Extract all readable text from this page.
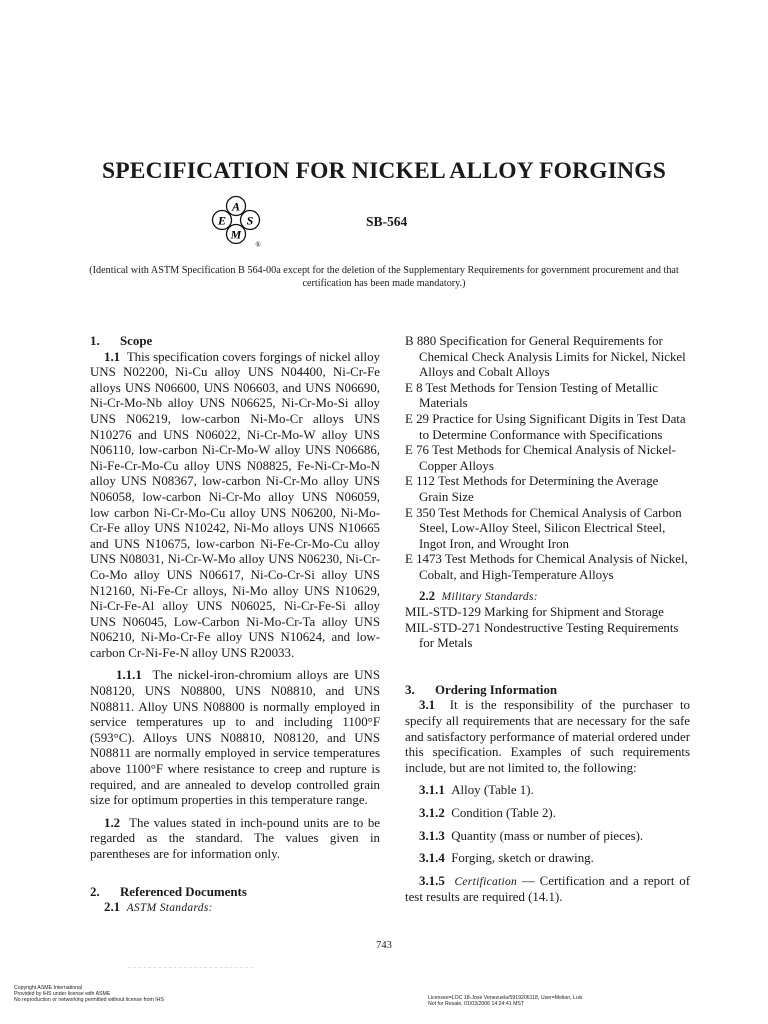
SPECIFICATION FOR NICKEL ALLOY FORGINGS
A
S
M
E
®
SB-564
(Identical with ASTM Specification B 564-00a except for the deletion of the Supplementary Requirements for government procurement and that certification has been made mandatory.)

1. Scope

1.1 This specification covers forgings of nickel alloy UNS N02200, Ni-Cu alloy UNS N04400, Ni-Cr-Fe alloys UNS N06600, UNS N06603, and UNS N06690, Ni-Cr-Mo-Nb alloy UNS N06625, Ni-Cr-Mo-Si alloy UNS N06219, low-carbon Ni-Mo-Cr alloys UNS N10276 and UNS N06022, Ni-Cr-Mo-W alloy UNS N06110, low-carbon Ni-Cr-Mo-W alloy UNS N06686, Ni-Fe-Cr-Mo-Cu alloy UNS N08825, Fe-Ni-Cr-Mo-N alloy UNS N08367, low-carbon Ni-Cr-Mo alloy UNS N06058, low-carbon Ni-Cr-Mo alloy UNS N06059, low carbon Ni-Cr-Mo-Cu alloy UNS N06200, Ni-Mo-Cr-Fe alloy UNS N10242, Ni-Mo alloys UNS N10665 and UNS N10675, low-carbon Ni-Fe-Cr-Mo-Cu alloy UNS N08031, Ni-Cr-W-Mo alloy UNS N06230, Ni-Cr-Co-Mo alloy UNS N06617, Ni-Co-Cr-Si alloy UNS N12160, Ni-Fe-Cr alloys, Ni-Mo alloy UNS N10629, Ni-Cr-Fe-Al alloy UNS N06025, Ni-Cr-Fe-Si alloy UNS N06045, Low-Carbon Ni-Mo-Cr-Ta alloy UNS N06210, Ni-Mo-Cr-Fe alloy UNS N10624, and low-carbon Cr-Ni-Fe-N alloy UNS R20033.

1.1.1 The nickel-iron-chromium alloys are UNS N08120, UNS N08800, UNS N08810, and UNS N08811. Alloy UNS N08800 is normally employed in service temperatures up to and including 1100°F (593°C). Alloys UNS N08810, N08120, and UNS N08811 are normally employed in service temperatures above 1100°F where resistance to creep and rupture is required, and are annealed to develop controlled grain size for optimum properties in this temperature range.

1.2 The values stated in inch-pound units are to be regarded as the standard. The values given in parentheses are for information only.

2. Referenced Documents

2.1 ASTM Standards:

B 880 Specification for General Requirements for Chemical Check Analysis Limits for Nickel, Nickel Alloys and Cobalt Alloys

E 8 Test Methods for Tension Testing of Metallic Materials

E 29 Practice for Using Significant Digits in Test Data to Determine Conformance with Specifications

E 76 Test Methods for Chemical Analysis of Nickel-Copper Alloys

E 112 Test Methods for Determining the Average Grain Size

E 350 Test Methods for Chemical Analysis of Carbon Steel, Low-Alloy Steel, Silicon Electrical Steel, Ingot Iron, and Wrought Iron

E 1473 Test Methods for Chemical Analysis of Nickel, Cobalt, and High-Temperature Alloys

2.2 Military Standards:

MIL-STD-129 Marking for Shipment and Storage

MIL-STD-271 Nondestructive Testing Requirements for Metals

3. Ordering Information

3.1 It is the responsibility of the purchaser to specify all requirements that are necessary for the safe and satisfactory performance of material ordered under this specification. Examples of such requirements include, but are not limited to, the following:

3.1.1 Alloy (Table 1).

3.1.2 Condition (Table 2).

3.1.3 Quantity (mass or number of pieces).

3.1.4 Forging, sketch or drawing.

3.1.5 Certification — Certification and a report of test results are required (14.1).

743
Copyright ASME International
Provided by IHS under license with ASME
No reproduction or networking permitted without license from IHS	Licensee=LOC 18-Jose Venezuela/5919206118, User=Melian, Luis
Not for Resale, 01/03/2006 14:24:41 MST
